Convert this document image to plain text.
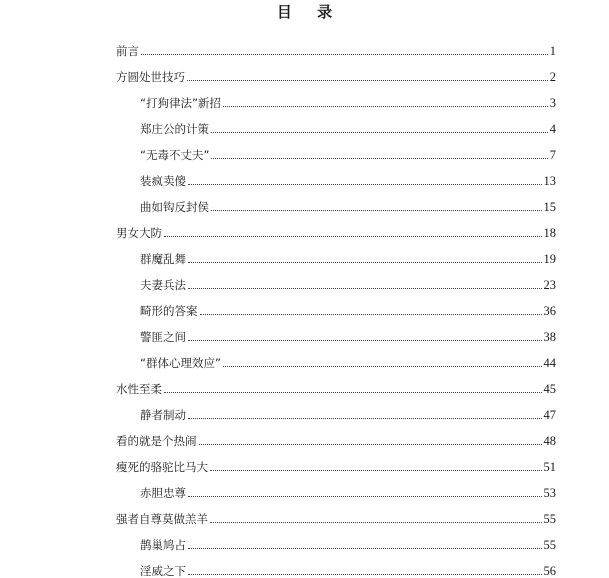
目 录
前言	1
方圆处世技巧	2
“打狗律法”新招	3
郑庄公的计策	4
“无毒不丈夫”	7
装疯卖傻	13
曲如钩反封侯	15
男女大防	18
群魔乱舞	19
夫妻兵法	23
畸形的答案	36
警匪之间	38
“群体心理效应”	44
水性至柔	45
静者制动	47
看的就是个热闹	48
瘦死的骆驼比马大	51
赤胆忠尊	53
强者自尊莫做羔羊	55
鹊巢鸠占	55
淫威之下	56
